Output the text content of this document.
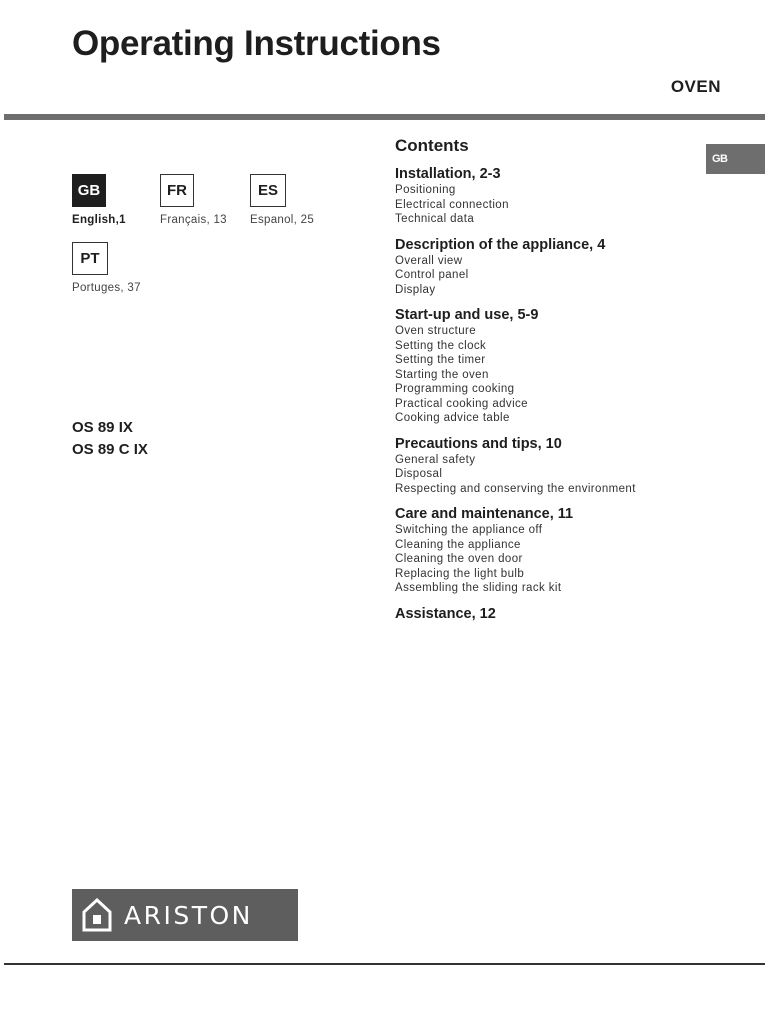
Operating Instructions
OVEN
GB
GB
English,1
FR
Français, 13
ES
Espanol, 25
PT
Portuges, 37
OS 89 IX
OS 89 C IX
Contents
Installation, 2-3
Positioning
Electrical connection
Technical data
Description of the appliance, 4
Overall view
Control panel
Display
Start-up and use, 5-9
Oven structure
Setting the clock
Setting the timer
Starting the oven
Programming cooking
Practical cooking advice
Cooking advice table
Precautions and tips, 10
General safety
Disposal
Respecting and conserving the environment
Care and maintenance, 11
Switching the appliance off
Cleaning the appliance
Cleaning the oven door
Replacing the light bulb
Assembling the sliding rack kit
Assistance, 12
ARISTON
